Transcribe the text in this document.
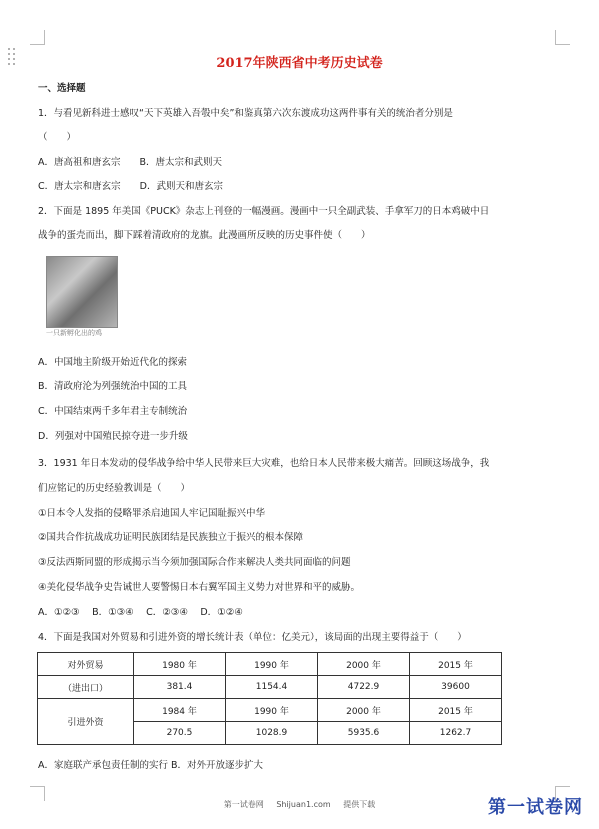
2017年陕西省中考历史试卷
一、选择题
1．与看见新科进士感叹“天下英雄入吾彀中矣”和鉴真第六次东渡成功这两件事有关的统治者分别是
（　　）
A．唐高祖和唐玄宗　　B．唐太宗和武则天
C．唐太宗和唐玄宗　　D．武则天和唐玄宗
2．下面是 1895 年美国《PUCK》杂志上刊登的一幅漫画。漫画中一只全副武装、手拿军刀的日本鸡破中日
战争的蛋壳而出，脚下踩着清政府的龙旗。此漫画所反映的历史事件使（　　）
一只新孵化出的鸡
A．中国地主阶级开始近代化的探索
B．清政府沦为列强统治中国的工具
C．中国结束两千多年君主专制统治
D．列强对中国殖民掠夺进一步升级
3．1931 年日本发动的侵华战争给中华人民带来巨大灾难，也给日本人民带来极大痛苦。回顾这场战争，我
们应铭记的历史经验教训是（　　）
①日本令人发指的侵略罪杀启迪国人牢记国耻振兴中华
②国共合作抗战成功证明民族团结是民族独立于振兴的根本保障
③反法西斯同盟的形成揭示当今须加强国际合作来解决人类共同面临的问题
④美化侵华战争史告诫世人要警惕日本右翼军国主义势力对世界和平的威胁。
A．①②③　 B．①③④　 C．②③④　 D．①②④
4．下面是我国对外贸易和引进外资的增长统计表（单位：亿美元），该局面的出现主要得益于（　　）
对外贸易	1980 年	1990 年	2000 年	2015 年
（进出口）	381.4	1154.4	4722.9	39600
引进外资	1984 年	1990 年	2000 年	2015 年
	270.5	1028.9	5935.6	1262.7
A．家庭联产承包责任制的实行 B．对外开放逐步扩大
第一试卷网 Shijuan1.com 提供下载	第一试卷网
